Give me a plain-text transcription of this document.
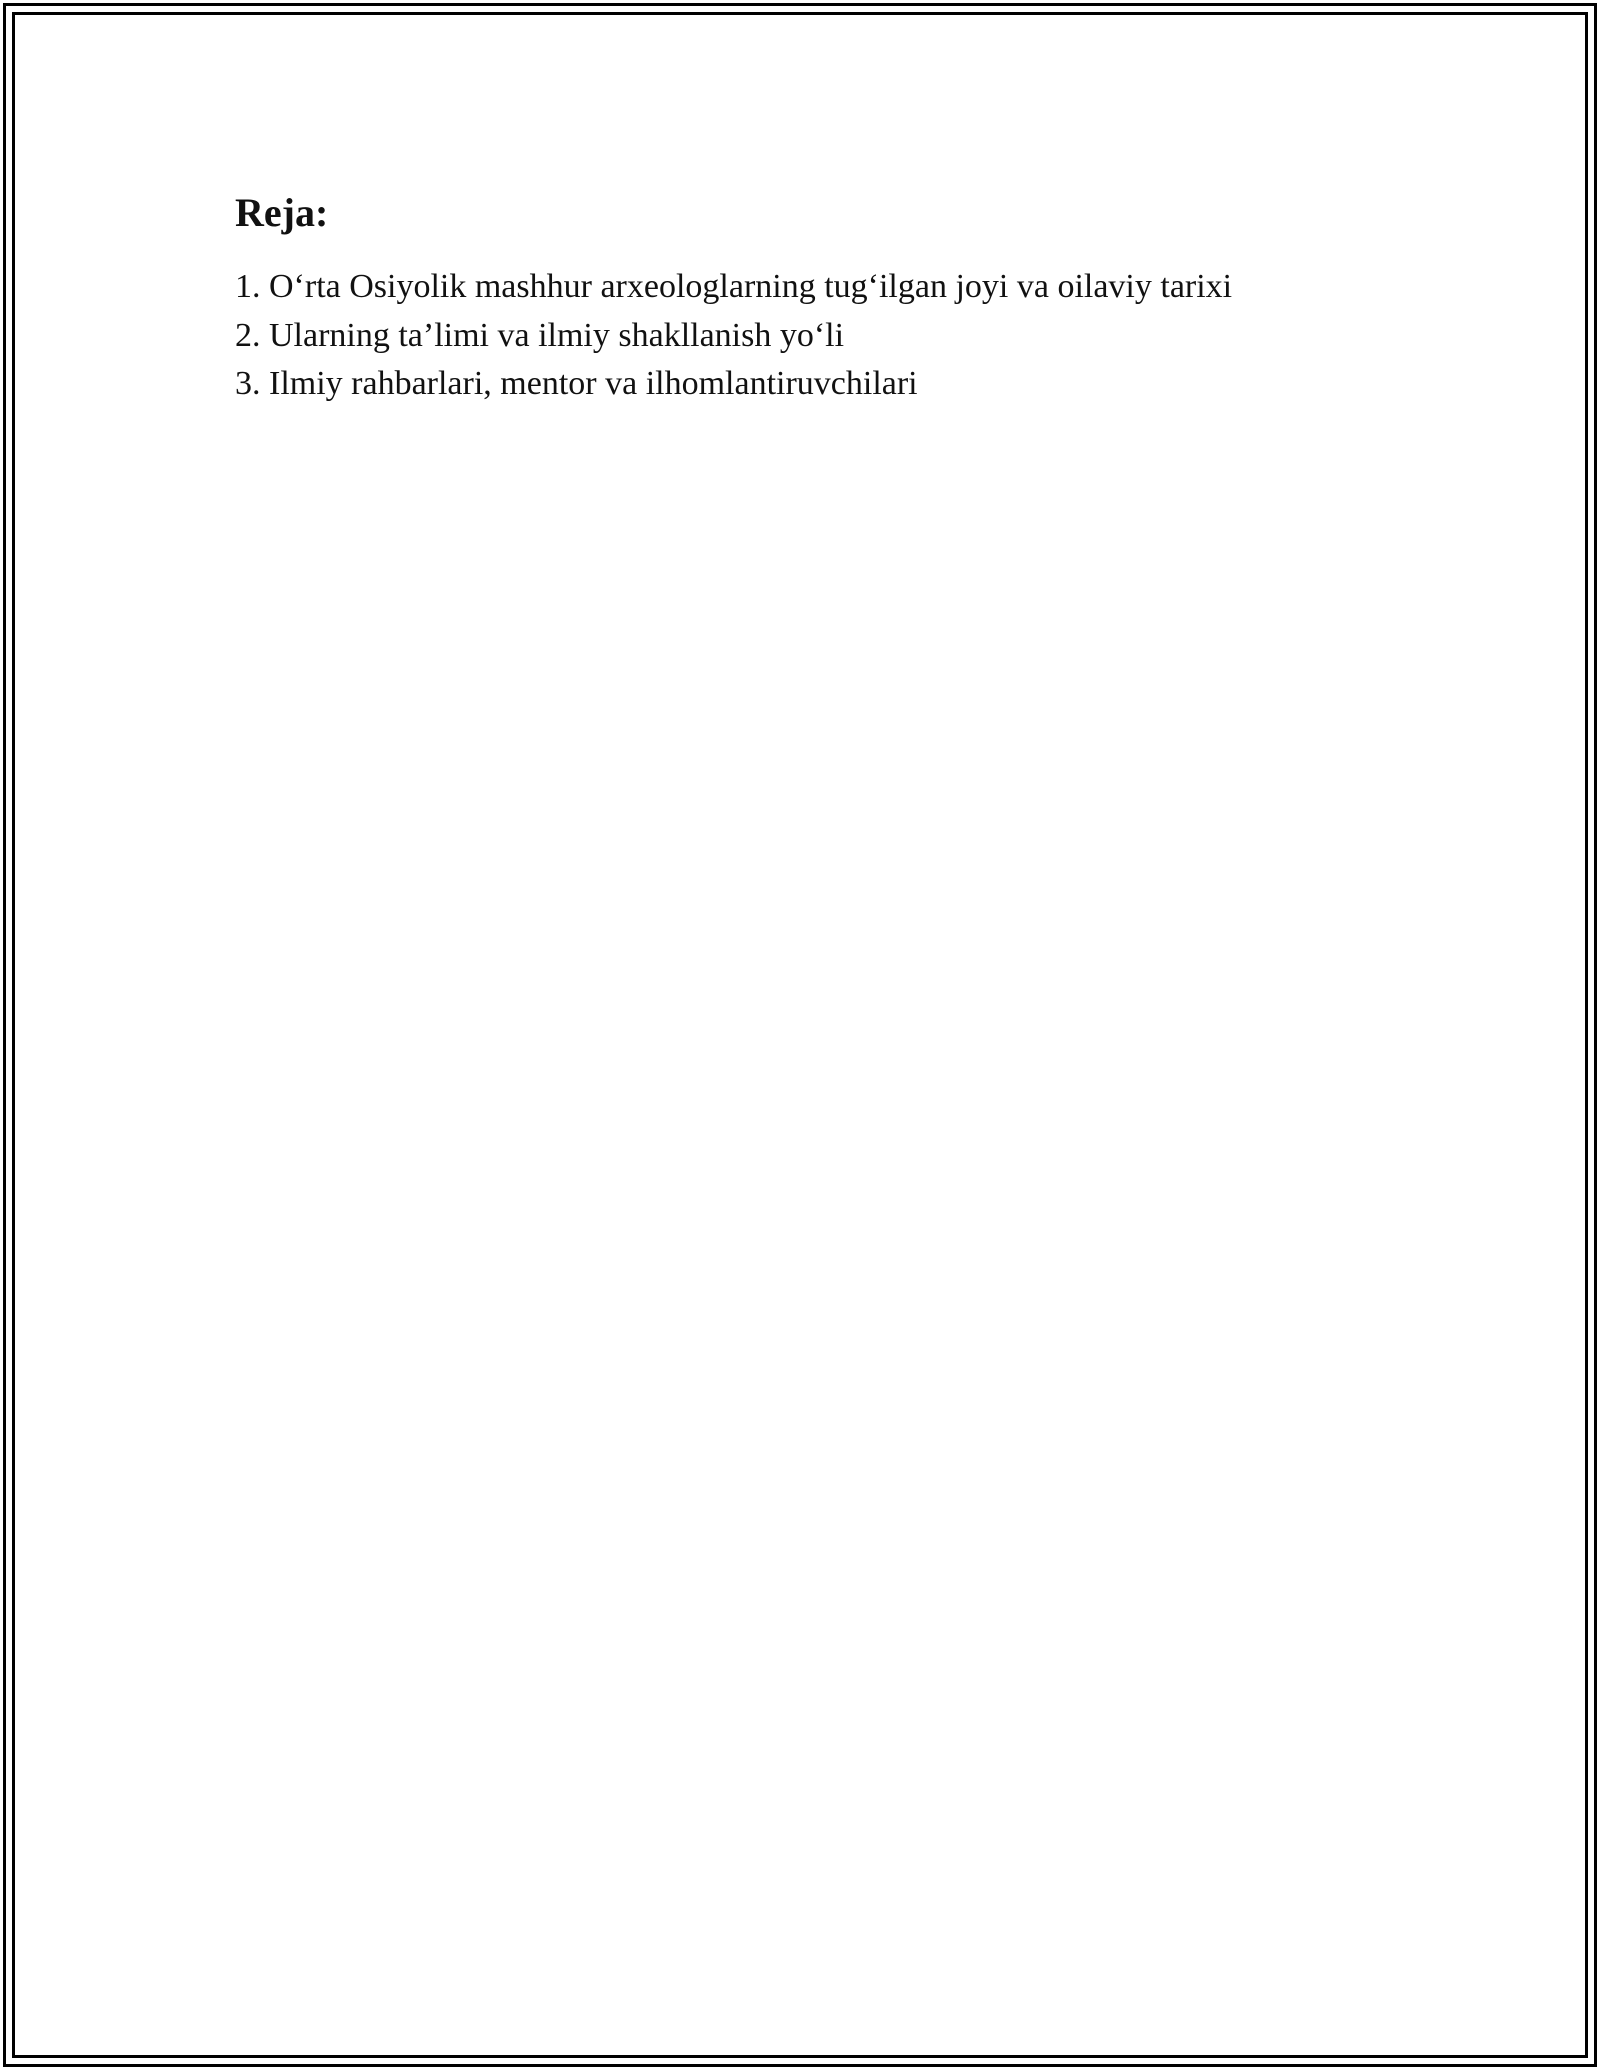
Reja:
1. O‘rta Osiyolik mashhur arxeologlarning tug‘ilgan joyi va oilaviy tarixi
2. Ularning ta’limi va ilmiy shakllanish yo‘li
3. Ilmiy rahbarlari, mentor va ilhomlantiruvchilari
